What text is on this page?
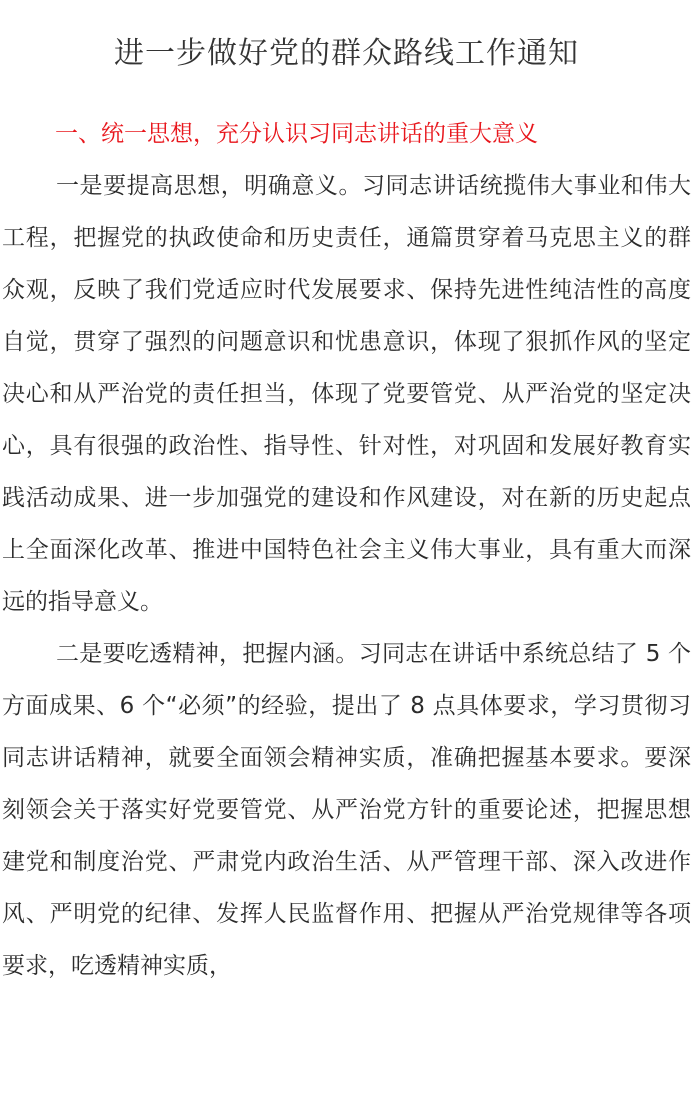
进一步做好党的群众路线工作通知
一、统一思想，充分认识习同志讲话的重大意义

一是要提高思想，明确意义。习同志讲话统揽伟大事业和伟大工程，把握党的执政使命和历史责任，通篇贯穿着马克思主义的群众观，反映了我们党适应时代发展要求、保持先进性纯洁性的高度自觉，贯穿了强烈的问题意识和忧患意识，体现了狠抓作风的坚定决心和从严治党的责任担当，体现了党要管党、从严治党的坚定决心，具有很强的政治性、指导性、针对性，对巩固和发展好教育实践活动成果、进一步加强党的建设和作风建设，对在新的历史起点上全面深化改革、推进中国特色社会主义伟大事业，具有重大而深远的指导意义。

二是要吃透精神，把握内涵。习同志在讲话中系统总结了 5 个方面成果、6 个“必须”的经验，提出了 8 点具体要求，学习贯彻习同志讲话精神，就要全面领会精神实质，准确把握基本要求。要深刻领会关于落实好党要管党、从严治党方针的重要论述，把握思想建党和制度治党、严肃党内政治生活、从严管理干部、深入改进作风、严明党的纪律、发挥人民监督作用、把握从严治党规律等各项要求，吃透精神实质，
